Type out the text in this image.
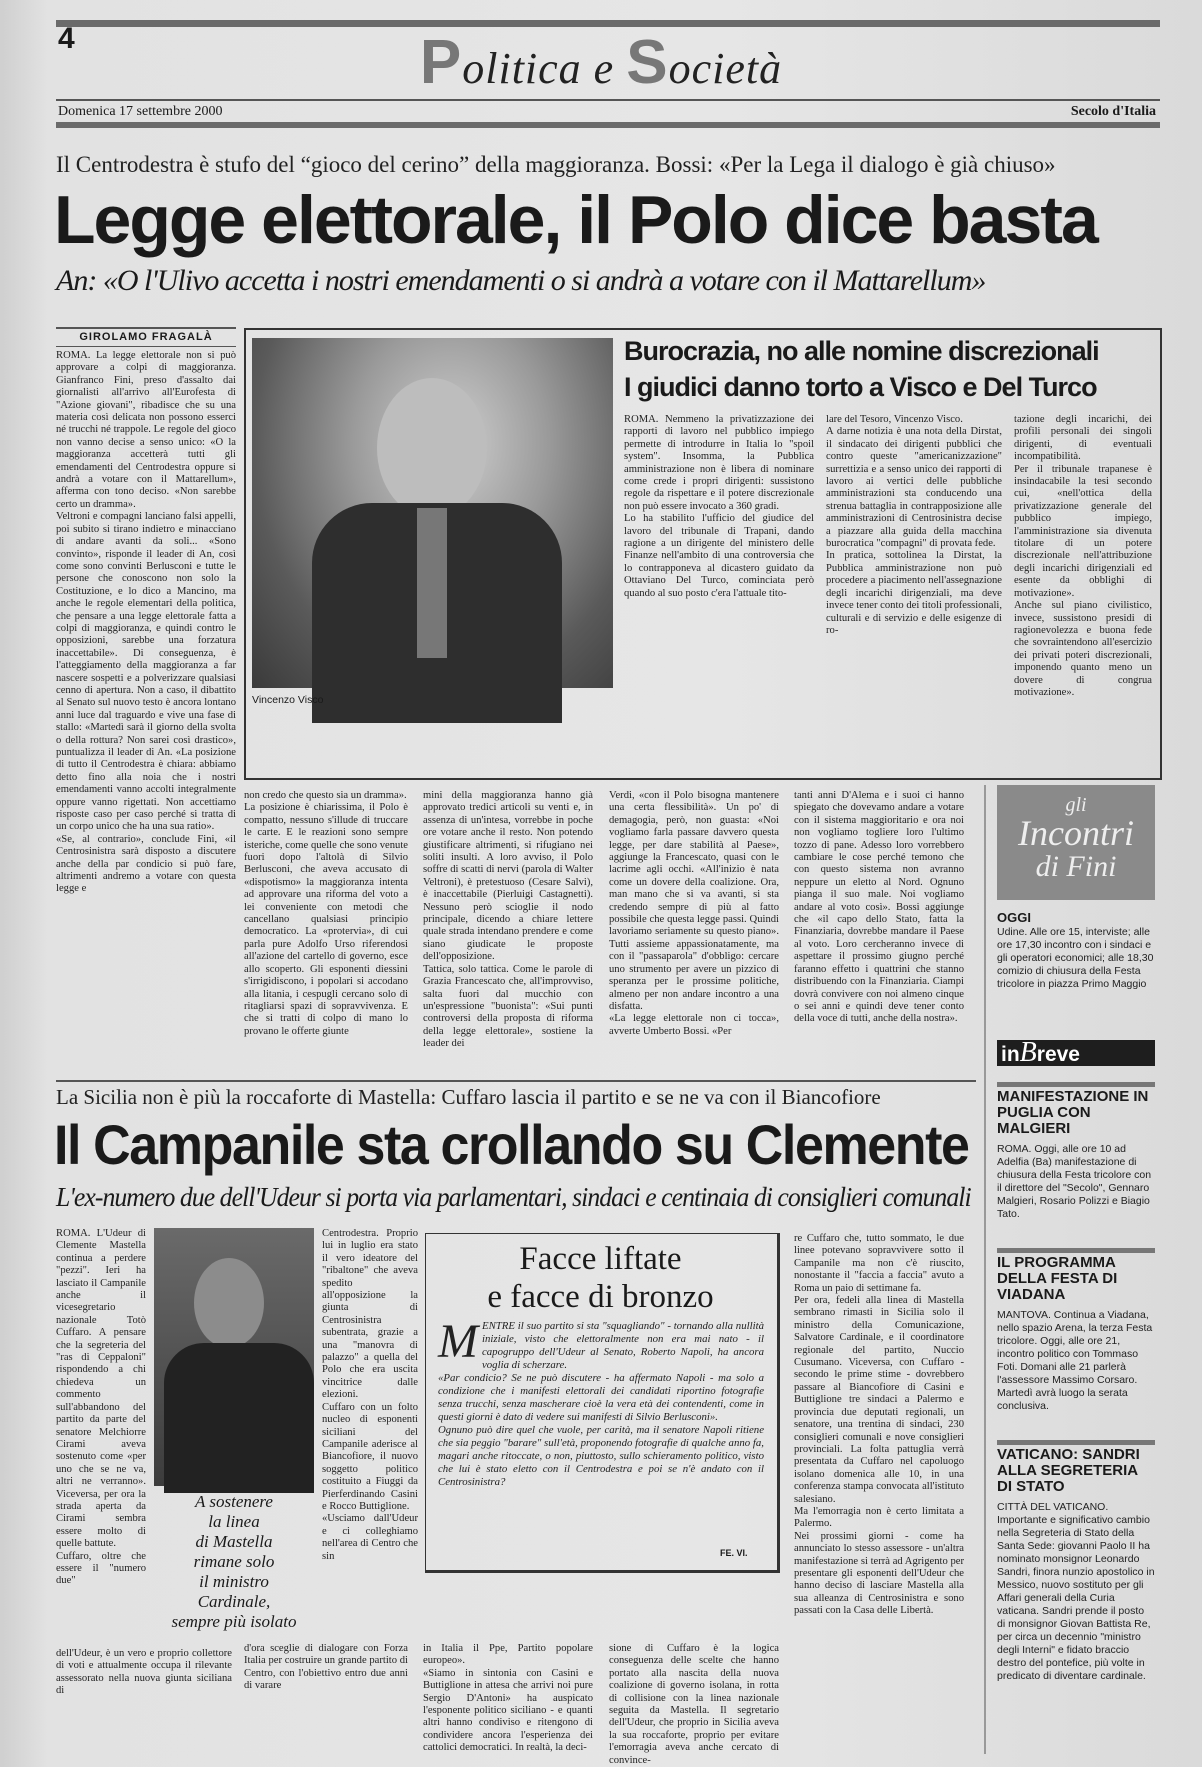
4	Politica e Società
Domenica 17 settembre 2000	Secolo d'Italia
Il Centrodestra è stufo del “gioco del cerino” della maggioranza. Bossi: «Per la Lega il dialogo è già chiuso»
Legge elettorale, il Polo dice basta
An: «O l'Ulivo accetta i nostri emendamenti o si andrà a votare con il Mattarellum»
GIROLAMO FRAGALÀ
ROMA. La legge elettorale non si può approvare a colpi di maggioranza. Gianfranco Fini, preso d'assalto dai giornalisti all'arrivo all'Eurofesta di "Azione giovani", ribadisce che su una materia così delicata non possono esserci né trucchi né trappole. Le regole del gioco non vanno decise a senso unico: «O la maggioranza accetterà tutti gli emendamenti del Centrodestra oppure si andrà a votare con il Mattarellum», afferma con tono deciso. «Non sarebbe certo un dramma».
Veltroni e compagni lanciano falsi appelli, poi subito si tirano indietro e minacciano di andare avanti da soli... «Sono convinto», risponde il leader di An, così come sono convinti Berlusconi e tutte le persone che conoscono non solo la Costituzione, e lo dico a Mancino, ma anche le regole elementari della politica, che pensare a una legge elettorale fatta a colpi di maggioranza, e quindi contro le opposizioni, sarebbe una forzatura inaccettabile». Di conseguenza, è l'atteggiamento della maggioranza a far nascere sospetti e a polverizzare qualsiasi cenno di apertura. Non a caso, il dibattito al Senato sul nuovo testo è ancora lontano anni luce dal traguardo e vive una fase di stallo: «Martedì sarà il giorno della svolta o della rottura? Non sarei così drastico», puntualizza il leader di An. «La posizione di tutto il Centrodestra è chiara: abbiamo detto fino alla noia che i nostri emendamenti vanno accolti integralmente oppure vanno rigettati. Non accettiamo risposte caso per caso perché si tratta di un corpo unico che ha una sua ratio».
«Se, al contrario», conclude Fini, «il Centrosinistra sarà disposto a discutere anche della par condicio si può fare, altrimenti andremo a votare con questa legge e
non credo che questo sia un dramma».
La posizione è chiarissima, il Polo è compatto, nessuno s'illude di truccare le carte. E le reazioni sono sempre isteriche, come quelle che sono venute fuori dopo l'altolà di Silvio Berlusconi, che aveva accusato di «dispotismo» la maggioranza intenta ad approvare una riforma del voto a lei conveniente con metodi che cancellano qualsiasi principio democratico. La «protervia», di cui parla pure Adolfo Urso riferendosi all'azione del cartello di governo, esce allo scoperto. Gli esponenti diessini s'irrigidiscono, i popolari si accodano alla litania, i cespugli cercano solo di ritagliarsi spazi di sopravvivenza. E che si tratti di colpo di mano lo provano le offerte giunte
mini della maggioranza hanno già approvato tredici articoli su venti e, in assenza di un'intesa, vorrebbe in poche ore votare anche il resto. Non potendo giustificare altrimenti, si rifugiano nei soliti insulti. A loro avviso, il Polo soffre di scatti di nervi (parola di Walter Veltroni), è pretestuoso (Cesare Salvi), è inaccettabile (Pierluigi Castagnetti). Nessuno però scioglie il nodo principale, dicendo a chiare lettere quale strada intendano prendere e come siano giudicate le proposte dell'opposizione.
Tattica, solo tattica. Come le parole di Grazia Francescato che, all'improvviso, salta fuori dal mucchio con un'espressione "buonista": «Sui punti controversi della proposta di riforma della legge elettorale», sostiene la leader dei
Verdi, «con il Polo bisogna mantenere una certa flessibilità». Un po' di demagogia, però, non guasta: «Noi vogliamo farla passare davvero questa legge, per dare stabilità al Paese», aggiunge la Francescato, quasi con le lacrime agli occhi. «All'inizio è nata come un dovere della coalizione. Ora, man mano che si va avanti, si sta credendo sempre di più al fatto possibile che questa legge passi. Quindi lavoriamo seriamente su questo piano». Tutti assieme appassionatamente, ma con il "passaparola" d'obbligo: cercare uno strumento per avere un pizzico di speranza per le prossime politiche, almeno per non andare incontro a una disfatta.
«La legge elettorale non ci tocca», avverte Umberto Bossi. «Per
tanti anni D'Alema e i suoi ci hanno spiegato che dovevamo andare a votare con il sistema maggioritario e ora noi non vogliamo togliere loro l'ultimo tozzo di pane. Adesso loro vorrebbero cambiare le cose perché temono che con questo sistema non avranno neppure un eletto al Nord. Ognuno pianga il suo male. Noi vogliamo andare al voto così». Bossi aggiunge che «il capo dello Stato, fatta la Finanziaria, dovrebbe mandare il Paese al voto. Loro cercheranno invece di aspettare il prossimo giugno perché faranno effetto i quattrini che stanno distribuendo con la Finanziaria. Ciampi dovrà convivere con noi almeno cinque o sei anni e quindi deve tener conto della voce di tutti, anche della nostra».
Vincenzo Visco
Burocrazia, no alle nomine discrezionali
I giudici danno torto a Visco e Del Turco
ROMA. Nemmeno la privatizzazione dei rapporti di lavoro nel pubblico impiego permette di introdurre in Italia lo "spoil system". Insomma, la Pubblica amministrazione non è libera di nominare come crede i propri dirigenti: sussistono regole da rispettare e il potere discrezionale non può essere invocato a 360 gradi.
Lo ha stabilito l'ufficio del giudice del lavoro del tribunale di Trapani, dando ragione a un dirigente del ministero delle Finanze nell'ambito di una controversia che lo contrapponeva al dicastero guidato da Ottaviano Del Turco, cominciata però quando al suo posto c'era l'attuale tito-
lare del Tesoro, Vincenzo Visco.
A darne notizia è una nota della Dirstat, il sindacato dei dirigenti pubblici che contro queste "americanizzazione" surrettizia e a senso unico dei rapporti di lavoro ai vertici delle pubbliche amministrazioni sta conducendo una strenua battaglia in contrapposizione alle amministrazioni di Centrosinistra decise a piazzare alla guida della macchina burocratica "compagni" di provata fede.
In pratica, sottolinea la Dirstat, la Pubblica amministrazione non può procedere a piacimento nell'assegnazione degli incarichi dirigenziali, ma deve invece tener conto dei titoli professionali, culturali e di servizio e delle esigenze di ro-
tazione degli incarichi, dei profili personali dei singoli dirigenti, di eventuali incompatibilità.
Per il tribunale trapanese è insindacabile la tesi secondo cui, «nell'ottica della privatizzazione generale del pubblico impiego, l'amministrazione sia divenuta titolare di un potere discrezionale nell'attribuzione degli incarichi dirigenziali ed esente da obblighi di motivazione».
Anche sul piano civilistico, invece, sussistono presidi di ragionevolezza e buona fede che sovraintendono all'esercizio dei privati poteri discrezionali, imponendo quanto meno un dovere di congrua motivazione».
La Sicilia non è più la roccaforte di Mastella: Cuffaro lascia il partito e se ne va con il Biancofiore
Il Campanile sta crollando su Clemente
L'ex-numero due dell'Udeur si porta via parlamentari, sindaci e centinaia di consiglieri comunali
ROMA. L'Udeur di Clemente Mastella continua a perdere "pezzi". Ieri ha lasciato il Campanile anche il vicesegretario nazionale Totò Cuffaro. A pensare che la segreteria del "ras di Ceppaloni" rispondendo a chi chiedeva un commento sull'abbandono del partito da parte del senatore Melchiorre Cirami aveva sostenuto come «per uno che se ne va, altri ne verranno». Viceversa, per ora la strada aperta da Cirami sembra essere molto di quelle battute.
Cuffaro, oltre che essere il "numero due"
dell'Udeur, è un vero e proprio collettore di voti e attualmente occupa il rilevante assessorato nella nuova giunta siciliana di
A sostenere
la linea
di Mastella
rimane solo
il ministro
Cardinale,
sempre più isolato
Centrodestra. Proprio lui in luglio era stato il vero ideatore del "ribaltone" che aveva spedito all'opposizione la giunta di Centrosinistra subentrata, grazie a una "manovra di palazzo" a quella del Polo che era uscita vincitrice dalle elezioni.
Cuffaro con un folto nucleo di esponenti siciliani del Campanile aderisce al Biancofiore, il nuovo soggetto politico costituito a Fiuggi da Pierferdinando Casini e Rocco Buttiglione.
«Usciamo dall'Udeur e ci colleghiamo nell'area di Centro che sin
d'ora sceglie di dialogare con Forza Italia per costruire un grande partito di Centro, con l'obiettivo entro due anni di varare
in Italia il Ppe, Partito popolare europeo».
«Siamo in sintonia con Casini e Buttiglione in attesa che arrivi noi pure Sergio D'Antoni» ha auspicato l'esponente politico siciliano - e quanti altri hanno condiviso e ritengono di condividere ancora l'esperienza dei cattolici democratici. In realtà, la deci-
sione di Cuffaro è la logica conseguenza delle scelte che hanno portato alla nascita della nuova coalizione di governo isolana, in rotta di collisione con la linea nazionale seguita da Mastella. Il segretario dell'Udeur, che proprio in Sicilia aveva la sua roccaforte, proprio per evitare l'emorragia aveva anche cercato di convince-
re Cuffaro che, tutto sommato, le due linee potevano sopravvivere sotto il Campanile ma non c'è riuscito, nonostante il "faccia a faccia" avuto a Roma un paio di settimane fa.
Per ora, fedeli alla linea di Mastella sembrano rimasti in Sicilia solo il ministro della Comunicazione, Salvatore Cardinale, e il coordinatore regionale del partito, Nuccio Cusumano. Viceversa, con Cuffaro - secondo le prime stime - dovrebbero passare al Biancofiore di Casini e Buttiglione tre sindaci a Palermo e provincia due deputati regionali, un senatore, una trentina di sindaci, 230 consiglieri comunali e nove consiglieri provinciali. La folta pattuglia verrà presentata da Cuffaro nel capoluogo isolano domenica alle 10, in una conferenza stampa convocata all'istituto salesiano.
Ma l'emorragia non è certo limitata a Palermo.
Nei prossimi giorni - come ha annunciato lo stesso assessore - un'altra manifestazione si terrà ad Agrigento per presentare gli esponenti dell'Udeur che hanno deciso di lasciare Mastella alla sua alleanza di Centrosinistra e sono passati con la Casa delle Libertà.
Facce liftate
e facce di bronzo
MENTRE il suo partito si sta "squagliando" - tornando alla nullità iniziale, visto che elettoralmente non era mai nato - il capogruppo dell'Udeur al Senato, Roberto Napoli, ha ancora voglia di scherzare.
«Par condicio? Se ne può discutere - ha affermato Napoli - ma solo a condizione che i manifesti elettorali dei candidati riportino fotografie senza trucchi, senza mascherare cioè la vera età dei contendenti, come in questi giorni è dato di vedere sui manifesti di Silvio Berlusconi».
Ognuno può dire quel che vuole, per carità, ma il senatore Napoli ritiene che sia peggio "barare" sull'età, proponendo fotografie di qualche anno fa, magari anche ritoccate, o non, piuttosto, sullo schieramento politico, visto che lui è stato eletto con il Centrodestra e poi se n'è andato con il Centrosinistra?
FE. VI.
gli
Incontri
di Fini
OGGI
Udine. Alle ore 15, interviste; alle ore 17,30 incontro con i sindaci e gli operatori economici; alle 18,30 comizio di chiusura della Festa tricolore in piazza Primo Maggio
inBreve
MANIFESTAZIONE IN PUGLIA CON MALGIERI
ROMA. Oggi, alle ore 10 ad Adelfia (Ba) manifestazione di chiusura della Festa tricolore con il direttore del "Secolo", Gennaro Malgieri, Rosario Polizzi e Biagio Tato.
IL PROGRAMMA DELLA FESTA DI VIADANA
MANTOVA. Continua a Viadana, nello spazio Arena, la terza Festa tricolore. Oggi, alle ore 21, incontro politico con Tommaso Foti. Domani alle 21 parlerà l'assessore Massimo Corsaro. Martedì avrà luogo la serata conclusiva.
VATICANO: SANDRI ALLA SEGRETERIA DI STATO
CITTÀ DEL VATICANO. Importante e significativo cambio nella Segreteria di Stato della Santa Sede: giovanni Paolo II ha nominato monsignor Leonardo Sandri, finora nunzio apostolico in Messico, nuovo sostituto per gli Affari generali della Curia vaticana. Sandri prende il posto di monsignor Giovan Battista Re, per circa un decennio "ministro degli Interni" e fidato braccio destro del pontefice, più volte in predicato di diventare cardinale.
